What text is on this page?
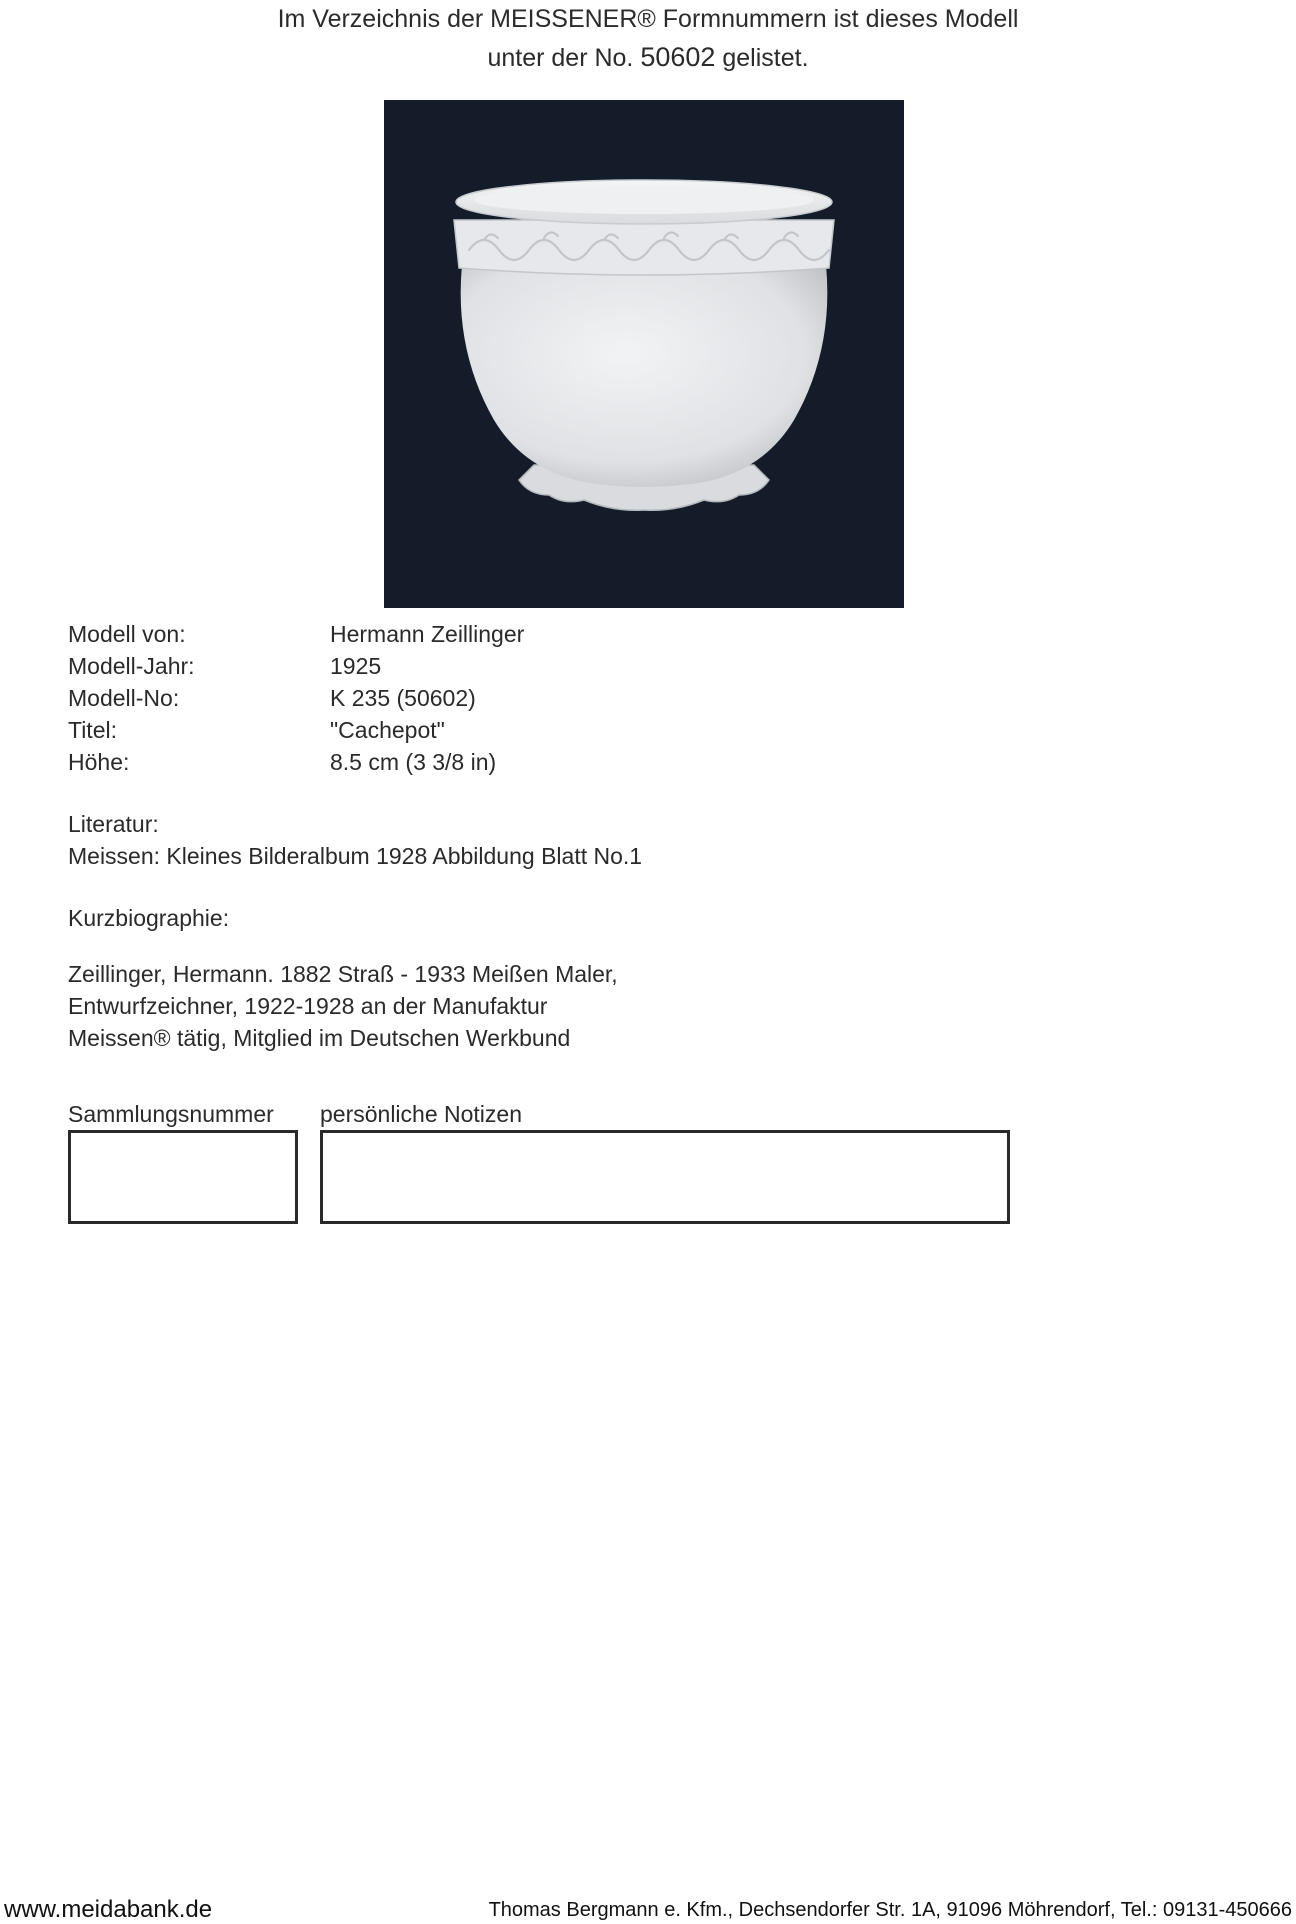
Im Verzeichnis der MEISSENER® Formnummern ist dieses Modell
unter der No. 50602 gelistet.
Modell von:	Hermann Zeillinger
Modell-Jahr:	1925
Modell-No:	K 235 (50602)
Titel:	"Cachepot"
Höhe:	8.5 cm (3 3/8 in)
Literatur:
Meissen: Kleines Bilderalbum 1928 Abbildung Blatt No.1
Kurzbiographie:
Zeillinger, Hermann. 1882 Straß - 1933 Meißen Maler,
Entwurfzeichner, 1922-1928 an der Manufaktur
Meissen® tätig, Mitglied im Deutschen Werkbund
Sammlungsnummer persönliche Notizen
www.meidabank.de	Thomas Bergmann e. Kfm., Dechsendorfer Str. 1A, 91096 Möhrendorf, Tel.: 09131-450666
